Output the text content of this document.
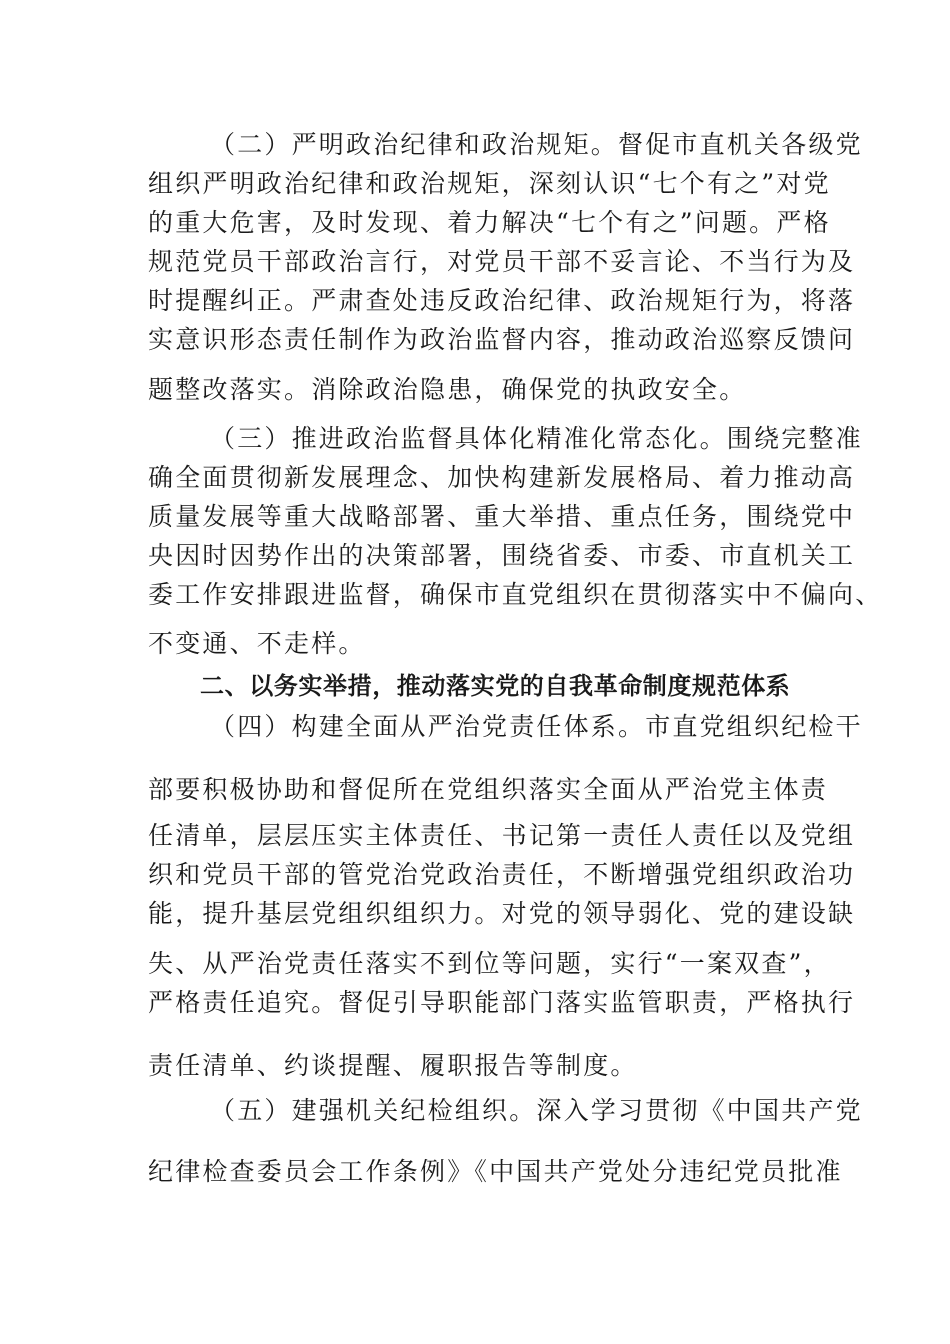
（二）严明政治纪律和政治规矩。督促市直机关各级党
组织严明政治纪律和政治规矩，深刻认识“七个有之”对党
的重大危害，及时发现、着力解决“七个有之”问题。严格
规范党员干部政治言行，对党员干部不妥言论、不当行为及
时提醒纠正。严肃查处违反政治纪律、政治规矩行为，将落
实意识形态责任制作为政治监督内容，推动政治巡察反馈问
题整改落实。消除政治隐患，确保党的执政安全。
（三）推进政治监督具体化精准化常态化。围绕完整准
确全面贯彻新发展理念、加快构建新发展格局、着力推动高
质量发展等重大战略部署、重大举措、重点任务，围绕党中
央因时因势作出的决策部署，围绕省委、市委、市直机关工
委工作安排跟进监督，确保市直党组织在贯彻落实中不偏向、
不变通、不走样。
二、以务实举措，推动落实党的自我革命制度规范体系
（四）构建全面从严治党责任体系。市直党组织纪检干
部要积极协助和督促所在党组织落实全面从严治党主体责
任清单，层层压实主体责任、书记第一责任人责任以及党组
织和党员干部的管党治党政治责任，不断增强党组织政治功
能，提升基层党组织组织力。对党的领导弱化、党的建设缺
失、从严治党责任落实不到位等问题，实行“一案双查”，
严格责任追究。督促引导职能部门落实监管职责，严格执行
责任清单、约谈提醒、履职报告等制度。
（五）建强机关纪检组织。深入学习贯彻《中国共产党
纪律检查委员会工作条例》《中国共产党处分违纪党员批准
